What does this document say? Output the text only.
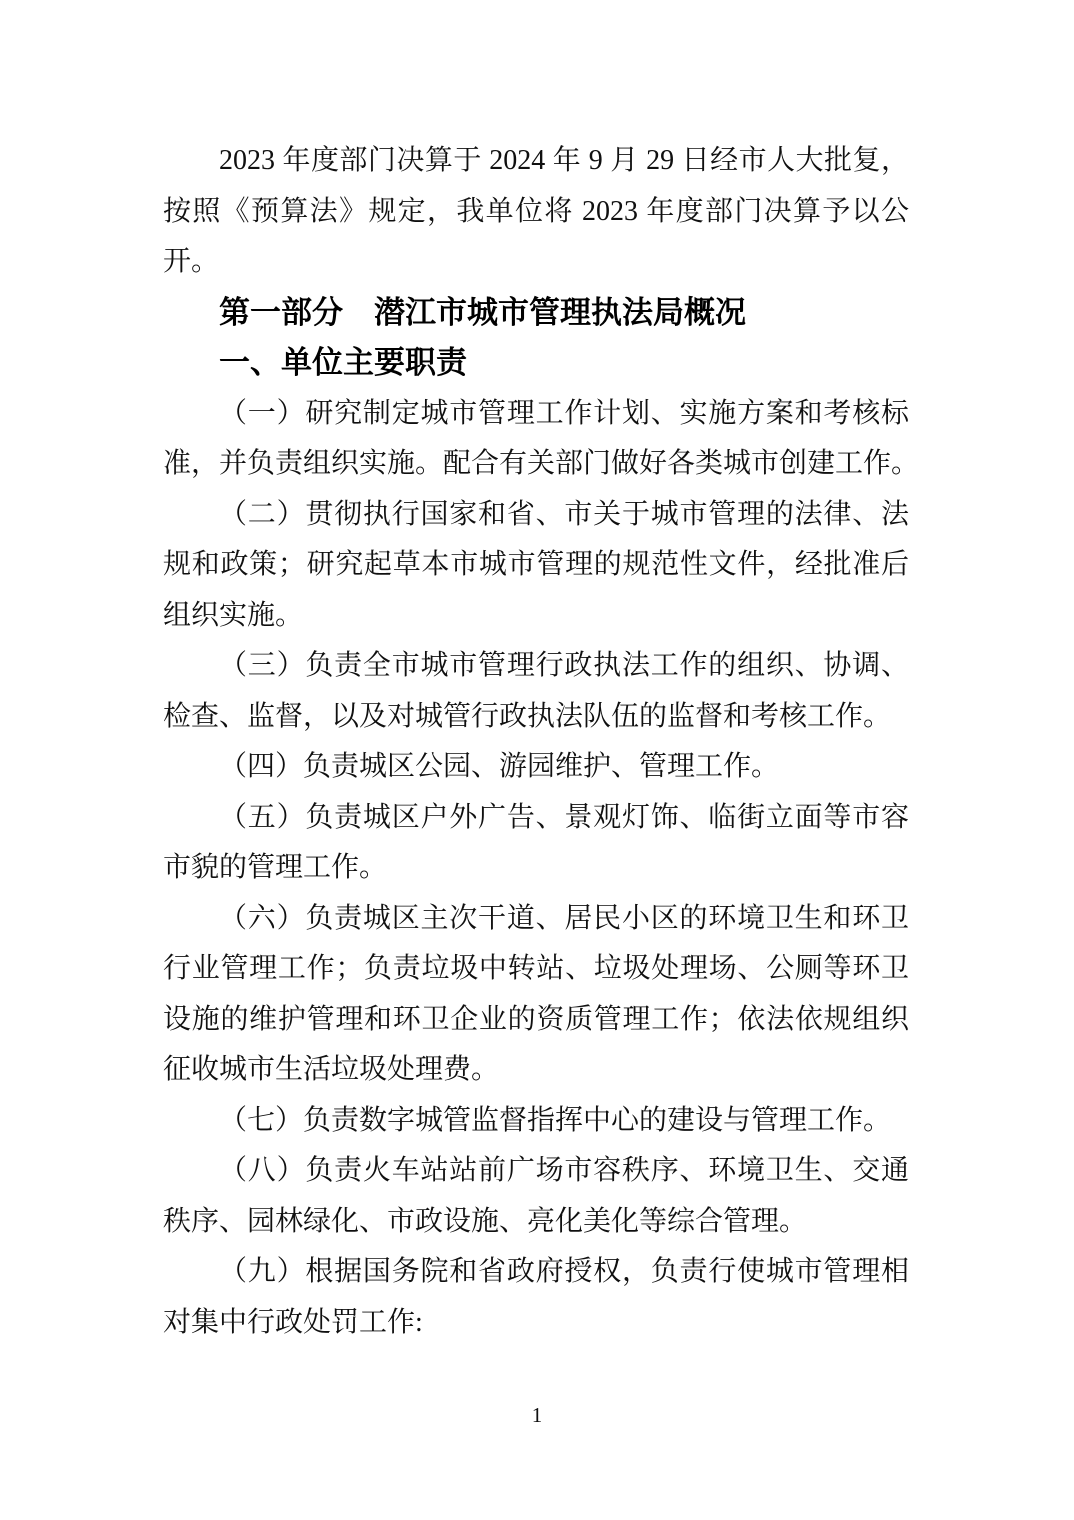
2023 年度部门决算于 2024 年 9 月 29 日经市人大批复，
按照《预算法》规定，我单位将 2023 年度部门决算予以公
开。
第一部分　潜江市城市管理执法局概况
一、单位主要职责
（一）研究制定城市管理工作计划、实施方案和考核标
准，并负责组织实施。配合有关部门做好各类城市创建工作。
（二）贯彻执行国家和省、市关于城市管理的法律、法
规和政策；研究起草本市城市管理的规范性文件，经批准后
组织实施。
（三）负责全市城市管理行政执法工作的组织、协调、
检查、监督，以及对城管行政执法队伍的监督和考核工作。
（四）负责城区公园、游园维护、管理工作。
（五）负责城区户外广告、景观灯饰、临街立面等市容
市貌的管理工作。
（六）负责城区主次干道、居民小区的环境卫生和环卫
行业管理工作；负责垃圾中转站、垃圾处理场、公厕等环卫
设施的维护管理和环卫企业的资质管理工作；依法依规组织
征收城市生活垃圾处理费。
（七）负责数字城管监督指挥中心的建设与管理工作。
（八）负责火车站站前广场市容秩序、环境卫生、交通
秩序、园林绿化、市政设施、亮化美化等综合管理。
（九）根据国务院和省政府授权，负责行使城市管理相
对集中行政处罚工作:
1
